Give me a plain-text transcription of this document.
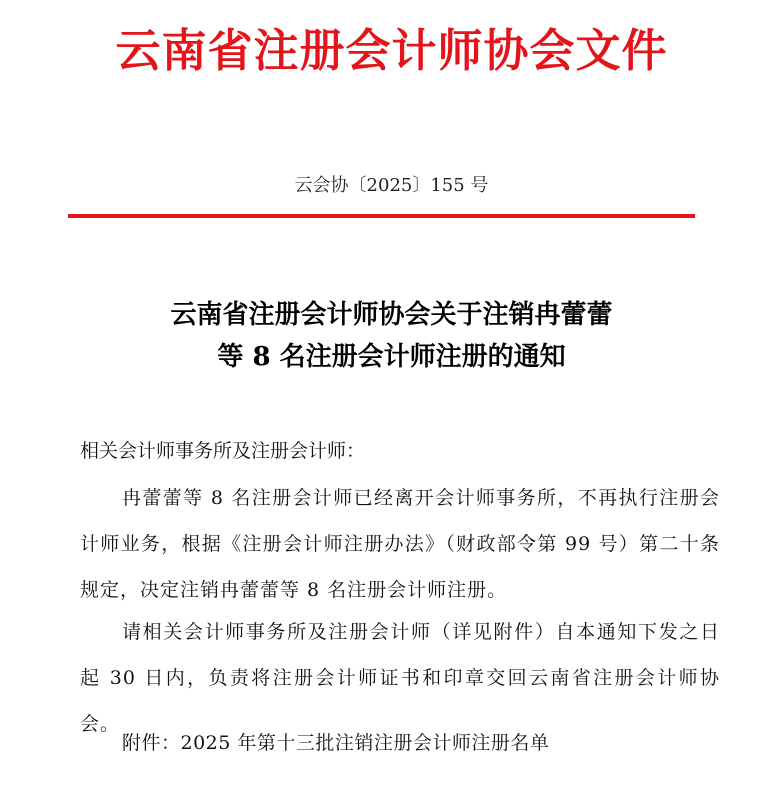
云南省注册会计师协会文件
云会协〔2025〕155 号
云南省注册会计师协会关于注销冉蕾蕾
等 8 名注册会计师注册的通知
相关会计师事务所及注册会计师：
冉蕾蕾等 8 名注册会计师已经离开会计师事务所，不再执行注册会计师业务，根据《注册会计师注册办法》（财政部令第 99 号）第二十条规定，决定注销冉蕾蕾等 8 名注册会计师注册。
请相关会计师事务所及注册会计师（详见附件）自本通知下发之日起 30 日内，负责将注册会计师证书和印章交回云南省注册会计师协会。
附件：2025 年第十三批注销注册会计师注册名单
